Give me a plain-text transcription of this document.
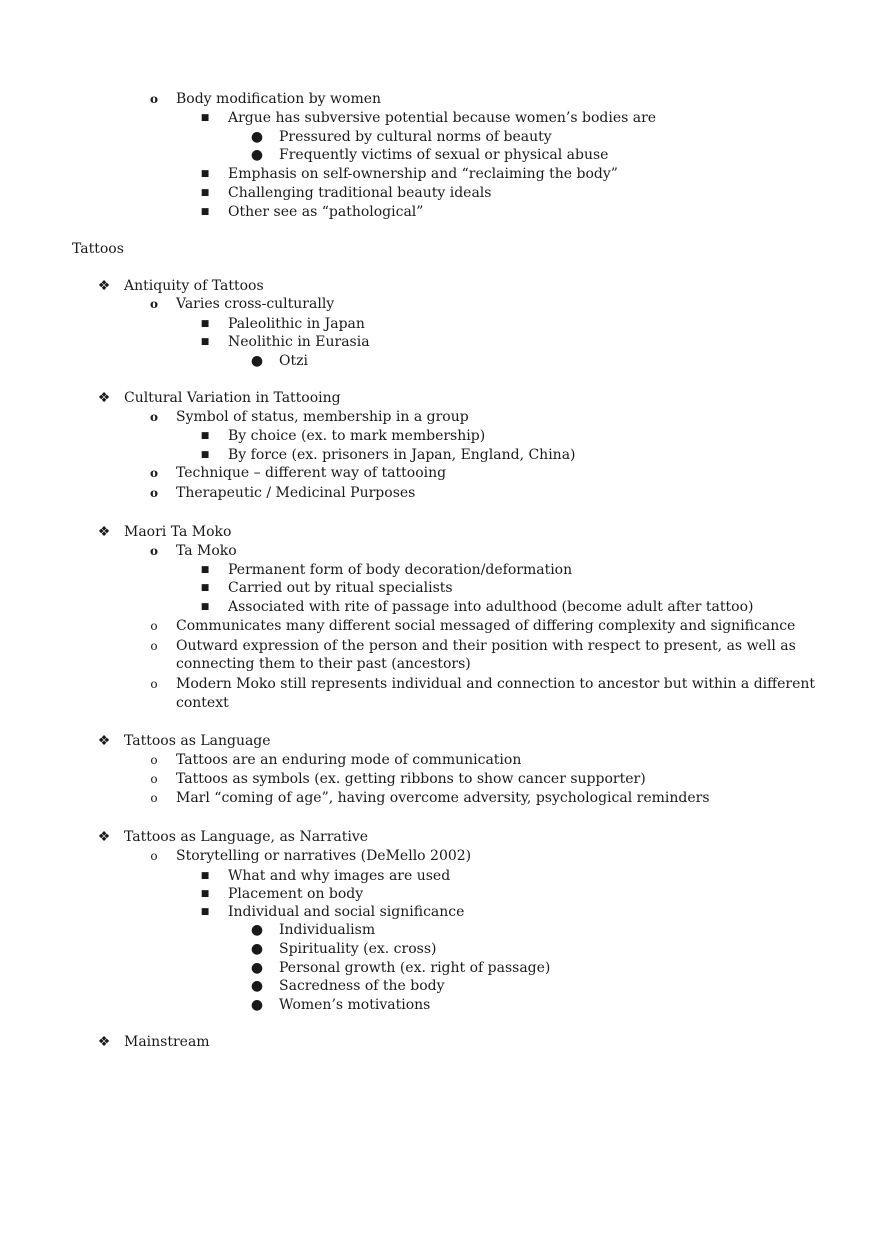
o Body modification by women
■ Argue has subversive potential because women’s bodies are
● Pressured by cultural norms of beauty
● Frequently victims of sexual or physical abuse
■ Emphasis on self-ownership and “reclaiming the body”
■ Challenging traditional beauty ideals
■ Other see as “pathological”
Tattoos
❖ Antiquity of Tattoos
o Varies cross-culturally
■ Paleolithic in Japan
■ Neolithic in Eurasia
● Otzi
❖ Cultural Variation in Tattooing
o Symbol of status, membership in a group
■ By choice (ex. to mark membership)
■ By force (ex. prisoners in Japan, England, China)
o Technique – different way of tattooing
o Therapeutic / Medicinal Purposes
❖ Maori Ta Moko
o Ta Moko
■ Permanent form of body decoration/deformation
■ Carried out by ritual specialists
■ Associated with rite of passage into adulthood (become adult after tattoo)
o Communicates many different social messaged of differing complexity and significance
o Outward expression of the person and their position with respect to present, as well as
connecting them to their past (ancestors)
o Modern Moko still represents individual and connection to ancestor but within a different
context
❖ Tattoos as Language
o Tattoos are an enduring mode of communication
o Tattoos as symbols (ex. getting ribbons to show cancer supporter)
o Marl “coming of age”, having overcome adversity, psychological reminders
❖ Tattoos as Language, as Narrative
o Storytelling or narratives (DeMello 2002)
■ What and why images are used
■ Placement on body
■ Individual and social significance
● Individualism
● Spirituality (ex. cross)
● Personal growth (ex. right of passage)
● Sacredness of the body
● Women’s motivations
❖ Mainstream
